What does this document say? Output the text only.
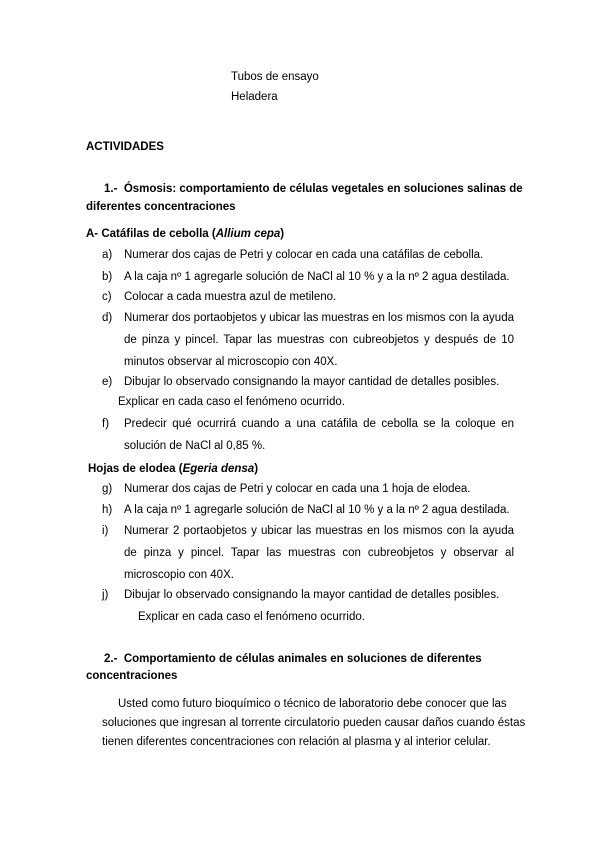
Tubos de ensayo
Heladera
ACTIVIDADES
1.- Ósmosis: comportamiento de células vegetales en soluciones salinas de
diferentes concentraciones
A- Catáfilas de cebolla (Allium cepa)
a)	Numerar dos cajas de Petri y colocar en cada una catáfilas de cebolla.
b)	A la caja nº 1 agregarle solución de NaCl al 10 % y a la nº 2 agua destilada.
c)	Colocar a cada muestra azul de metileno.
d)	Numerar dos portaobjetos y ubicar las muestras en los mismos con la ayuda de pinza y pincel. Tapar las muestras con cubreobjetos y después de 10 minutos observar al microscopio con 40X.
e)	Dibujar lo observado consignando la mayor cantidad de detalles posibles.
Explicar en cada caso el fenómeno ocurrido.
f)	Predecir qué ocurrirá cuando a una catáfila de cebolla se la coloque en solución de NaCl al 0,85 %.
Hojas de elodea (Egeria densa)
g)	Numerar dos cajas de Petri y colocar en cada una 1 hoja de elodea.
h)	A la caja nº 1 agregarle solución de NaCl al 10 % y a la nº 2 agua destilada.
i)	Numerar 2 portaobjetos y ubicar las muestras en los mismos con la ayuda de pinza y pincel. Tapar las muestras con cubreobjetos y observar al microscopio con 40X.
j)	Dibujar lo observado consignando la mayor cantidad de detalles posibles.
Explicar en cada caso el fenómeno ocurrido.
2.- Comportamiento de células animales en soluciones de diferentes
concentraciones
Usted como futuro bioquímico o técnico de laboratorio debe conocer que las
soluciones que ingresan al torrente circulatorio pueden causar daños cuando éstas
tienen diferentes concentraciones con relación al plasma y al interior celular.
